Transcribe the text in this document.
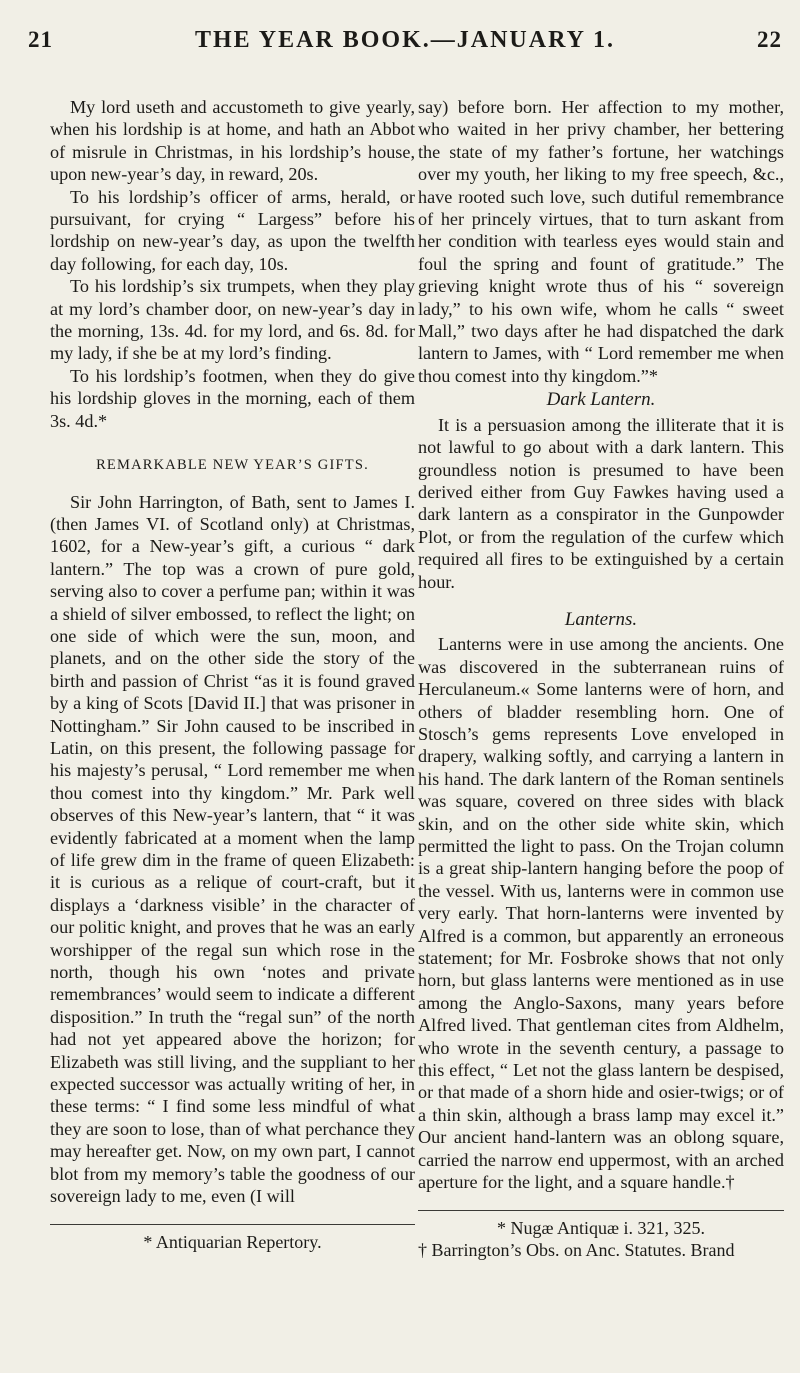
21	THE YEAR BOOK.—JANUARY 1.	22

My lord useth and accustometh to give yearly, when his lordship is at home, and hath an Abbot of misrule in Christmas, in his lordship’s house, upon new-year’s day, in reward, 20s.

To his lordship’s officer of arms, herald, or pursuivant, for crying “ Largess” before his lordship on new-year’s day, as upon the twelfth day following, for each day, 10s.

To his lordship’s six trumpets, when they play at my lord’s chamber door, on new-year’s day in the morning, 13s. 4d. for my lord, and 6s. 8d. for my lady, if she be at my lord’s finding.

To his lordship’s footmen, when they do give his lordship gloves in the morning, each of them 3s. 4d.*

REMARKABLE NEW YEAR’S GIFTS.

Sir John Harrington, of Bath, sent to James I. (then James VI. of Scotland only) at Christmas, 1602, for a New-year’s gift, a curious “ dark lantern.” The top was a crown of pure gold, serving also to cover a perfume pan; within it was a shield of silver embossed, to reflect the light; on one side of which were the sun, moon, and planets, and on the other side the story of the birth and passion of Christ “as it is found graved by a king of Scots [David II.] that was prisoner in Nottingham.” Sir John caused to be inscribed in Latin, on this present, the following passage for his majesty’s perusal, “ Lord remember me when thou comest into thy kingdom.” Mr. Park well observes of this New-year’s lantern, that “ it was evidently fabricated at a moment when the lamp of life grew dim in the frame of queen Elizabeth: it is curious as a relique of court-craft, but it displays a ‘darkness visible’ in the character of our politic knight, and proves that he was an early worshipper of the regal sun which rose in the north, though his own ‘notes and private remembrances’ would seem to indicate a different disposition.” In truth the “regal sun” of the north had not yet appeared above the horizon; for Elizabeth was still living, and the suppliant to her expected successor was actually writing of her, in these terms: “ I find some less mindful of what they are soon to lose, than of what perchance they may hereafter get. Now, on my own part, I cannot blot from my memory’s table the goodness of our sovereign lady to me, even (I will

* Antiquarian Repertory.

say) before born. Her affection to my mother, who waited in her privy chamber, her bettering the state of my father’s fortune, her watchings over my youth, her liking to my free speech, &c., have rooted such love, such dutiful remembrance of her princely virtues, that to turn askant from her condition with tearless eyes would stain and foul the spring and fount of gratitude.” The grieving knight wrote thus of his “ sovereign lady,” to his own wife, whom he calls “ sweet Mall,” two days after he had dispatched the dark lantern to James, with “ Lord remember me when thou comest into thy kingdom.”*

Dark Lantern.

It is a persuasion among the illiterate that it is not lawful to go about with a dark lantern. This groundless notion is presumed to have been derived either from Guy Fawkes having used a dark lantern as a conspirator in the Gunpowder Plot, or from the regulation of the curfew which required all fires to be extinguished by a certain hour.

Lanterns.

Lanterns were in use among the ancients. One was discovered in the subterranean ruins of Herculaneum.« Some lanterns were of horn, and others of bladder resembling horn. One of Stosch’s gems represents Love enveloped in drapery, walking softly, and carrying a lantern in his hand. The dark lantern of the Roman sentinels was square, covered on three sides with black skin, and on the other side white skin, which permitted the light to pass. On the Trojan column is a great ship-lantern hanging before the poop of the vessel. With us, lanterns were in common use very early. That horn-lanterns were invented by Alfred is a common, but apparently an erroneous statement; for Mr. Fosbroke shows that not only horn, but glass lanterns were mentioned as in use among the Anglo-Saxons, many years before Alfred lived. That gentleman cites from Aldhelm, who wrote in the seventh century, a passage to this effect, “ Let not the glass lantern be despised, or that made of a shorn hide and osier-twigs; or of a thin skin, although a brass lamp may excel it.” Our ancient hand-lantern was an oblong square, carried the narrow end uppermost, with an arched aperture for the light, and a square handle.†

* Nugæ Antiquæ i. 321, 325.
† Barrington’s Obs. on Anc. Statutes. Brand
